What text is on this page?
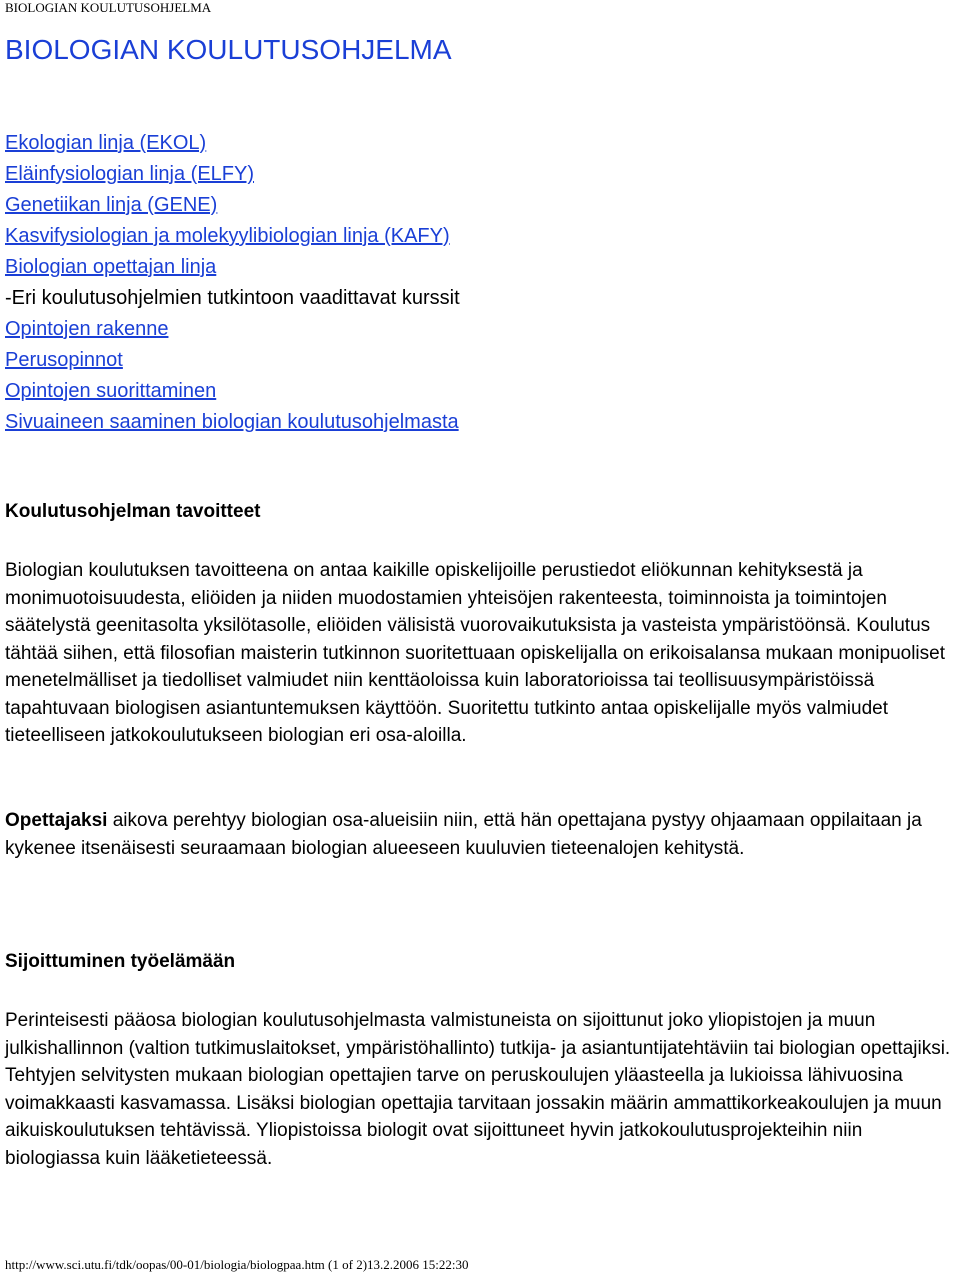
BIOLOGIAN KOULUTUSOHJELMA
BIOLOGIAN KOULUTUSOHJELMA
Ekologian linja (EKOL)
Eläinfysiologian linja (ELFY)
Genetiikan linja (GENE)
Kasvifysiologian ja molekyylibiologian linja (KAFY)
Biologian opettajan linja
-Eri koulutusohjelmien tutkintoon vaadittavat kurssit
Opintojen rakenne
Perusopinnot
Opintojen suorittaminen
Sivuaineen saaminen biologian koulutusohjelmasta
Koulutusohjelman tavoitteet

Biologian koulutuksen tavoitteena on antaa kaikille opiskelijoille perustiedot eliökunnan kehityksestä ja monimuotoisuudesta, eliöiden ja niiden muodostamien yhteisöjen rakenteesta, toiminnoista ja toimintojen säätelystä geenitasolta yksilötasolle, eliöiden välisistä vuorovaikutuksista ja vasteista ympäristöönsä. Koulutus tähtää siihen, että filosofian maisterin tutkinnon suoritettuaan opiskelijalla on erikoisalansa mukaan monipuoliset menetelmälliset ja tiedolliset valmiudet niin kenttäoloissa kuin laboratorioissa tai teollisuusympäristöissä tapahtuvaan biologisen asiantuntemuksen käyttöön. Suoritettu tutkinto antaa opiskelijalle myös valmiudet tieteelliseen jatkokoulutukseen biologian eri osa-aloilla.

Opettajaksi aikova perehtyy biologian osa-alueisiin niin, että hän opettajana pystyy ohjaamaan oppilaitaan ja kykenee itsenäisesti seuraamaan biologian alueeseen kuuluvien tieteenalojen kehitystä.

Sijoittuminen työelämään

Perinteisesti pääosa biologian koulutusohjelmasta valmistuneista on sijoittunut joko yliopistojen ja muun julkishallinnon (valtion tutkimuslaitokset, ympäristöhallinto) tutkija- ja asiantuntijatehtäviin tai biologian opettajiksi. Tehtyjen selvitysten mukaan biologian opettajien tarve on peruskoulujen yläasteella ja lukioissa lähivuosina voimakkaasti kasvamassa. Lisäksi biologian opettajia tarvitaan jossakin määrin ammattikorkeakoulujen ja muun aikuiskoulutuksen tehtävissä. Yliopistoissa biologit ovat sijoittuneet hyvin jatkokoulutusprojekteihin niin biologiassa kuin lääketieteessä.

http://www.sci.utu.fi/tdk/oopas/00-01/biologia/biologpaa.htm (1 of 2)13.2.2006 15:22:30
